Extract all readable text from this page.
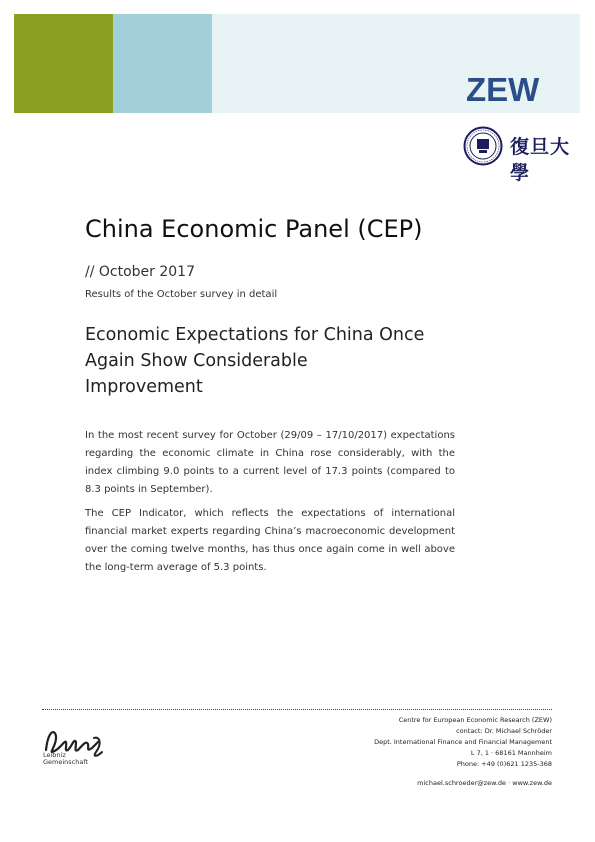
ZEW
復旦大學
China Economic Panel (CEP)
// October 2017
Results of the October survey in detail
Economic Expectations for China Once
Again Show Considerable
Improvement

In the most recent survey for October (29/09 – 17/10/2017) expectations regarding the economic climate in China rose considerably, with the index climbing 9.0 points to a current level of 17.3 points (compared to 8.3 points in September).

The CEP Indicator, which reflects the expectations of international financial market experts regarding China’s macroeconomic development over the coming twelve months, has thus once again come in well above the long-term average of 5.3 points.

Leibniz
Gemeinschaft
Centre for European Economic Research (ZEW)
contact: Dr. Michael Schröder
Dept. International Finance and Financial Management
L 7, 1 · 68161 Mannheim
Phone: +49 (0)621 1235-368
michael.schroeder@zew.de · www.zew.de
